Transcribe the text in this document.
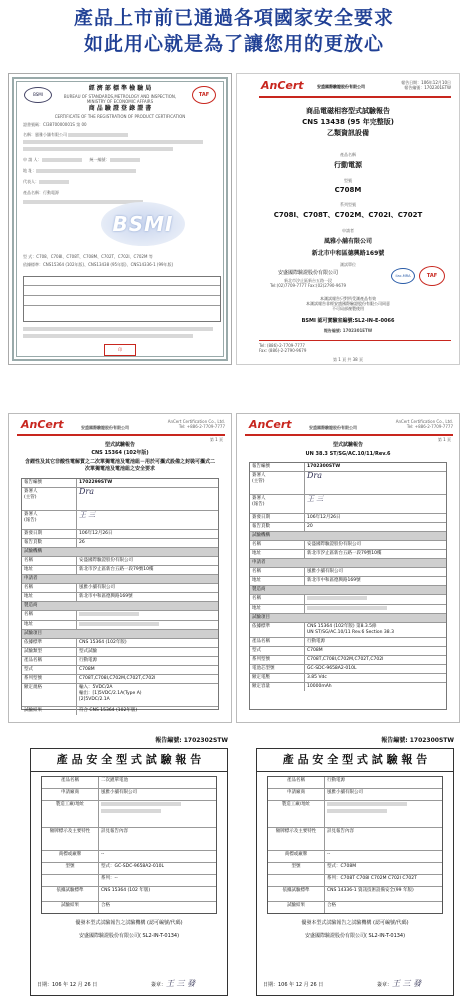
產品上市前已通過各項國家安全要求
如此用心就是為了讓您用的更放心
BSMI	TAF
經 濟 部 標 準 檢 驗 局
BUREAU OF STANDARDS,METROLOGY AND INSPECTION,
MINISTRY OF ECONOMIC AFFAIRS
商 品 驗 證 登 錄 證 書
CERTIFICATE OF THE REGISTRATION OF PRODUCT CERTIFICATION
證書號碼：CI3870000001S 第 00
名稱：風雅小舖有限公司
申 請 人：	　　統一編號：
地 址：
代表人：
產品名稱：行動電源
BSMI
型 式：C708、C708I、C708T、C708M、C702T、C702I、C702M 等
依據標準：CNS15364 (102年版)、CNS13438 (95年版)、CNS14336-1 (99年版)
印
AnCert	安盛國際驗證股份有限公司
報告日期：106年12月10日
報告編號：1702301ETW
商品電磁相容型式試驗報告
CNS 13438 (95 年完整版)
乙類資訊設備
產品名稱
行動電源
型號
C708M
系列型號
C708I、C708T、C702M、C702I、C702T
申請者
風雅小舖有限公司
新北市中和區德興路169號
測試單位
安盛國際驗證股份有限公司
新北市汐止區新台五路一段
Tel:(02)7709-7777 Fax:(02)2790-9679
ilac-MRA	TAF
本測試報告只對所受測產品有效
本測試報告非經安盛國際驗證股份有限公司同意
不可局部複製使用
BSMI 認可實驗室編號:SL2-IN-E-0066
報告編號: 1702301ETW
Tel: (886)-2-7709-7777
Fax: (886)-2-2790-9679
第 1 頁 共 38 頁
AnCert	安盛國際驗證股份有限公司
AnCert Certification Co., Ltd.
Tel: +886-2-7709-7777
第 1 頁
型式試驗報告
CNS 15364 (102年版)
含鋰性及其它非酸性電解質之二次單獨電池及電池組－用於可攜式設備之封裝可攜式二次單獨電池及電池組之安全要求
報告編號	1702299STW
簽署人
(主管)
Dra
簽署人
(報告)
王 三
簽發日期	106年12月26日
報告頁數	26
試驗機構
名稱	安盛國際驗證股份有限公司
地址	新北市汐止區新台五路一段79號10樓
申請者
名稱	風雅小舖有限公司
地址	新北市中和區德興路169號
製造商
名稱
地址
試驗項目
依據標準	CNS 15364 (102年版)
試驗類型	型式試驗
產品名稱	行動電源
型式	C708M
系列型號	C708T,C708I,C702M,C702T,C702I
額定規格	輸入：5VDC/2A
輸出：[1]5VDC/2.1A(Type A)
[2]5VDC/2.1A
試驗結果	符合 CNS 15364 (102年版)
AnCert	安盛國際驗證股份有限公司
AnCert Certification Co., Ltd.
Tel: +886-2-7709-7777
第 1 頁
型式試驗報告
UN 38.3 ST/SG/AC.10/11/Rev.6
報告編號	1702300STW
簽署人
(主管)
Dra
簽署人
(報告)
王 三
簽發日期	106年12月26日
報告頁數	20
試驗機構
名稱	安盛國際驗證股份有限公司
地址	新北市汐止區新台五路一段79號10樓
申請者
名稱	風雅小舖有限公司
地址	新北市中和區德興路169號
製造商
名稱
地址
試驗項目
依據標準	CNS 15364 (102年版) 第8.3.5條
UN ST/SG/AC.10/11 Rev.6 Section 38.3
產品名稱	行動電源
型式	C708M
系列型號	C708T,C708I,C702M,C702T,C702I
電池芯型號	GC-SDC-9658A2-010L
額定電壓	3.85 Vdc
額定容量	10000mAh
報告編號: 1702302STW
產 品 安 全 型 式 試 驗 報 告
產品名稱	二次鋰單電池
申請廠商	風雅小舖有限公司
製造工廠/地址

額牌標示及主要特性	詳見報告內容
商標或廠牌	--
型號	型式：GC-SDC-9658A2-010L
系列：--
依據試驗標準	CNS 15364 (102 年版)
試驗結果	合格
優發本型式試驗報告之試驗機構 (認可編號/代碼)
安盛國際驗證股份有限公司( SL2-IN-T-0134)
日期：106 年 12 月 26 日	簽章：王 三 發
報告編號: 1702300STW
產 品 安 全 型 式 試 驗 報 告
產品名稱	行動電源
申請廠商	風雅小舖有限公司
製造工廠/地址

額牌標示及主要特性	詳見報告內容
商標或廠牌	--
型號	型式：C708M
系列：C708T C708I C702M C702I C702T
依據試驗標準	CNS 14336-1 資訊技術設備安全(99 年版)
試驗結果	合格
優發本型式試驗報告之試驗機構 (認可編號/代碼)
安盛國際驗證股份有限公司( SL2-IN-T-0134)
日期：106 年 12 月 26 日	簽章：王 三 發
